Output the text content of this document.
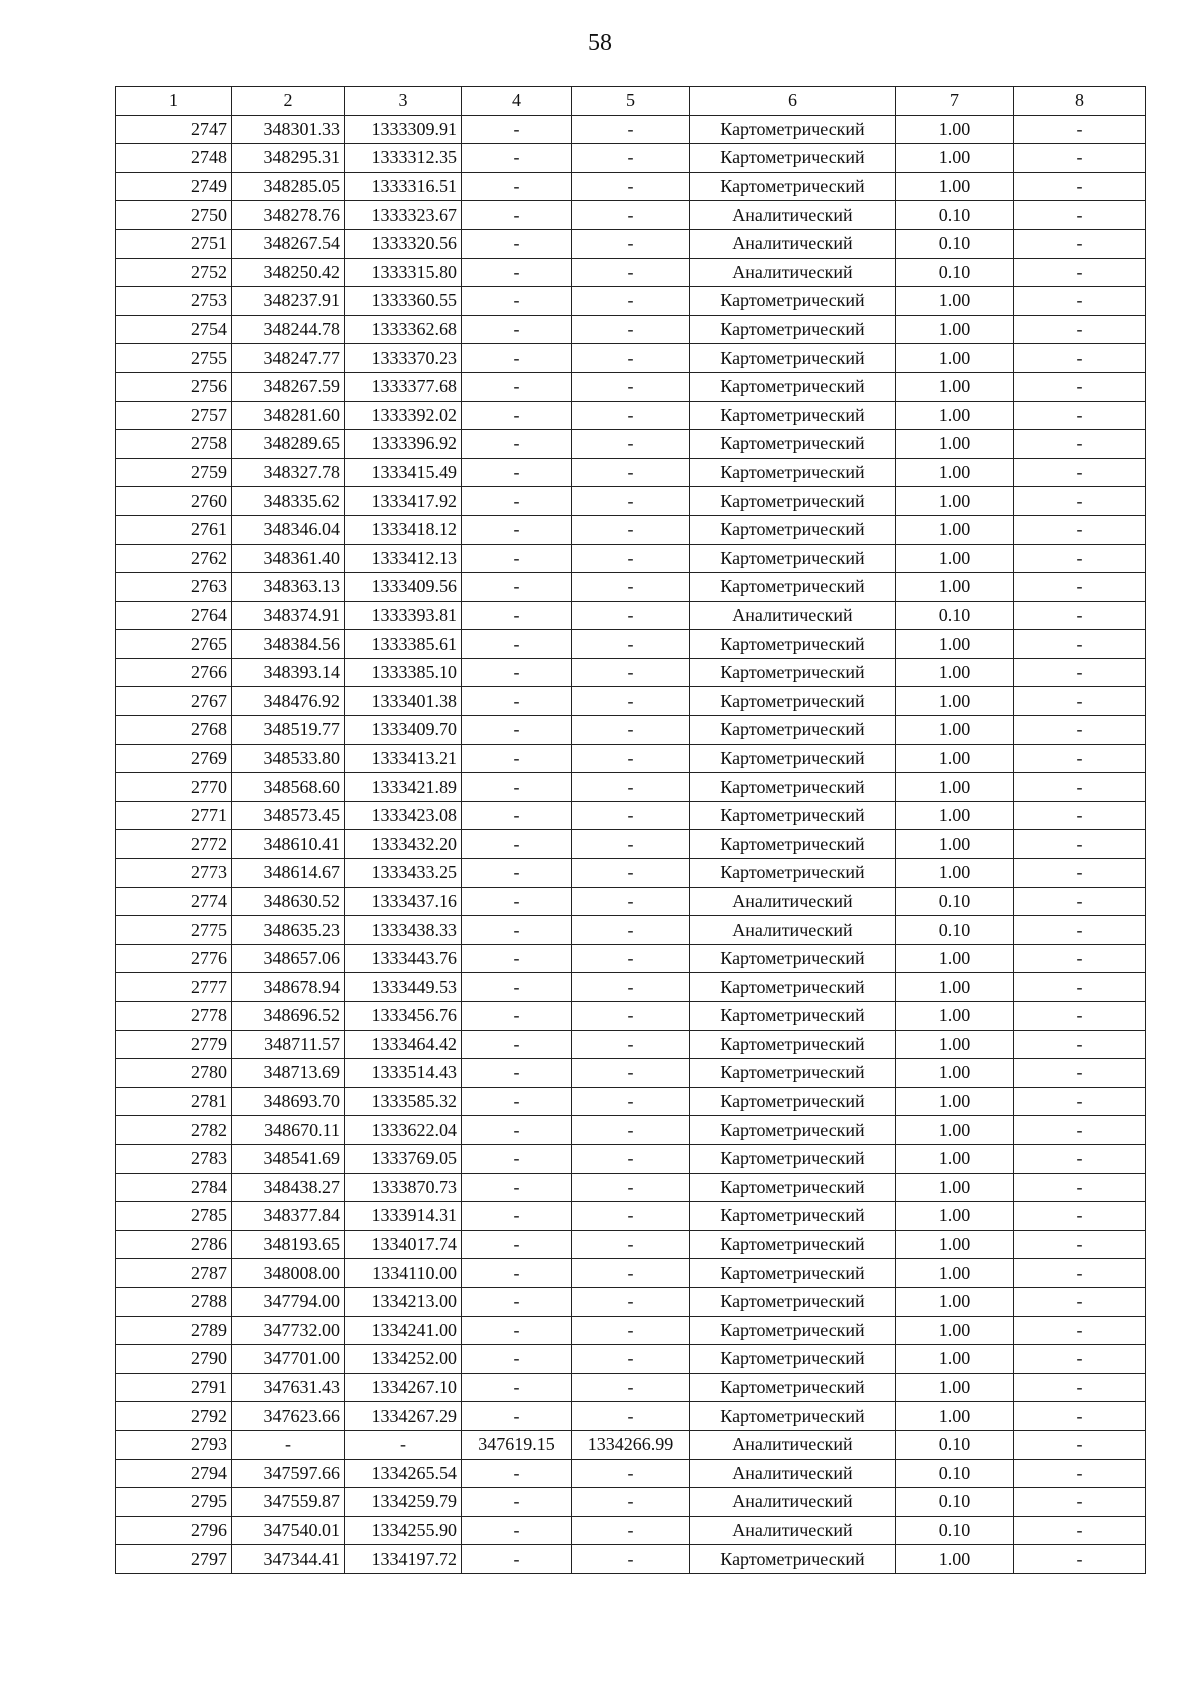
58
1	2	3	4	5	6	7	8
2747	348301.33	1333309.91	-	-	Картометрический	1.00	-
2748	348295.31	1333312.35	-	-	Картометрический	1.00	-
2749	348285.05	1333316.51	-	-	Картометрический	1.00	-
2750	348278.76	1333323.67	-	-	Аналитический	0.10	-
2751	348267.54	1333320.56	-	-	Аналитический	0.10	-
2752	348250.42	1333315.80	-	-	Аналитический	0.10	-
2753	348237.91	1333360.55	-	-	Картометрический	1.00	-
2754	348244.78	1333362.68	-	-	Картометрический	1.00	-
2755	348247.77	1333370.23	-	-	Картометрический	1.00	-
2756	348267.59	1333377.68	-	-	Картометрический	1.00	-
2757	348281.60	1333392.02	-	-	Картометрический	1.00	-
2758	348289.65	1333396.92	-	-	Картометрический	1.00	-
2759	348327.78	1333415.49	-	-	Картометрический	1.00	-
2760	348335.62	1333417.92	-	-	Картометрический	1.00	-
2761	348346.04	1333418.12	-	-	Картометрический	1.00	-
2762	348361.40	1333412.13	-	-	Картометрический	1.00	-
2763	348363.13	1333409.56	-	-	Картометрический	1.00	-
2764	348374.91	1333393.81	-	-	Аналитический	0.10	-
2765	348384.56	1333385.61	-	-	Картометрический	1.00	-
2766	348393.14	1333385.10	-	-	Картометрический	1.00	-
2767	348476.92	1333401.38	-	-	Картометрический	1.00	-
2768	348519.77	1333409.70	-	-	Картометрический	1.00	-
2769	348533.80	1333413.21	-	-	Картометрический	1.00	-
2770	348568.60	1333421.89	-	-	Картометрический	1.00	-
2771	348573.45	1333423.08	-	-	Картометрический	1.00	-
2772	348610.41	1333432.20	-	-	Картометрический	1.00	-
2773	348614.67	1333433.25	-	-	Картометрический	1.00	-
2774	348630.52	1333437.16	-	-	Аналитический	0.10	-
2775	348635.23	1333438.33	-	-	Аналитический	0.10	-
2776	348657.06	1333443.76	-	-	Картометрический	1.00	-
2777	348678.94	1333449.53	-	-	Картометрический	1.00	-
2778	348696.52	1333456.76	-	-	Картометрический	1.00	-
2779	348711.57	1333464.42	-	-	Картометрический	1.00	-
2780	348713.69	1333514.43	-	-	Картометрический	1.00	-
2781	348693.70	1333585.32	-	-	Картометрический	1.00	-
2782	348670.11	1333622.04	-	-	Картометрический	1.00	-
2783	348541.69	1333769.05	-	-	Картометрический	1.00	-
2784	348438.27	1333870.73	-	-	Картометрический	1.00	-
2785	348377.84	1333914.31	-	-	Картометрический	1.00	-
2786	348193.65	1334017.74	-	-	Картометрический	1.00	-
2787	348008.00	1334110.00	-	-	Картометрический	1.00	-
2788	347794.00	1334213.00	-	-	Картометрический	1.00	-
2789	347732.00	1334241.00	-	-	Картометрический	1.00	-
2790	347701.00	1334252.00	-	-	Картометрический	1.00	-
2791	347631.43	1334267.10	-	-	Картометрический	1.00	-
2792	347623.66	1334267.29	-	-	Картометрический	1.00	-
2793	-	-	347619.15	1334266.99	Аналитический	0.10	-
2794	347597.66	1334265.54	-	-	Аналитический	0.10	-
2795	347559.87	1334259.79	-	-	Аналитический	0.10	-
2796	347540.01	1334255.90	-	-	Аналитический	0.10	-
2797	347344.41	1334197.72	-	-	Картометрический	1.00	-
